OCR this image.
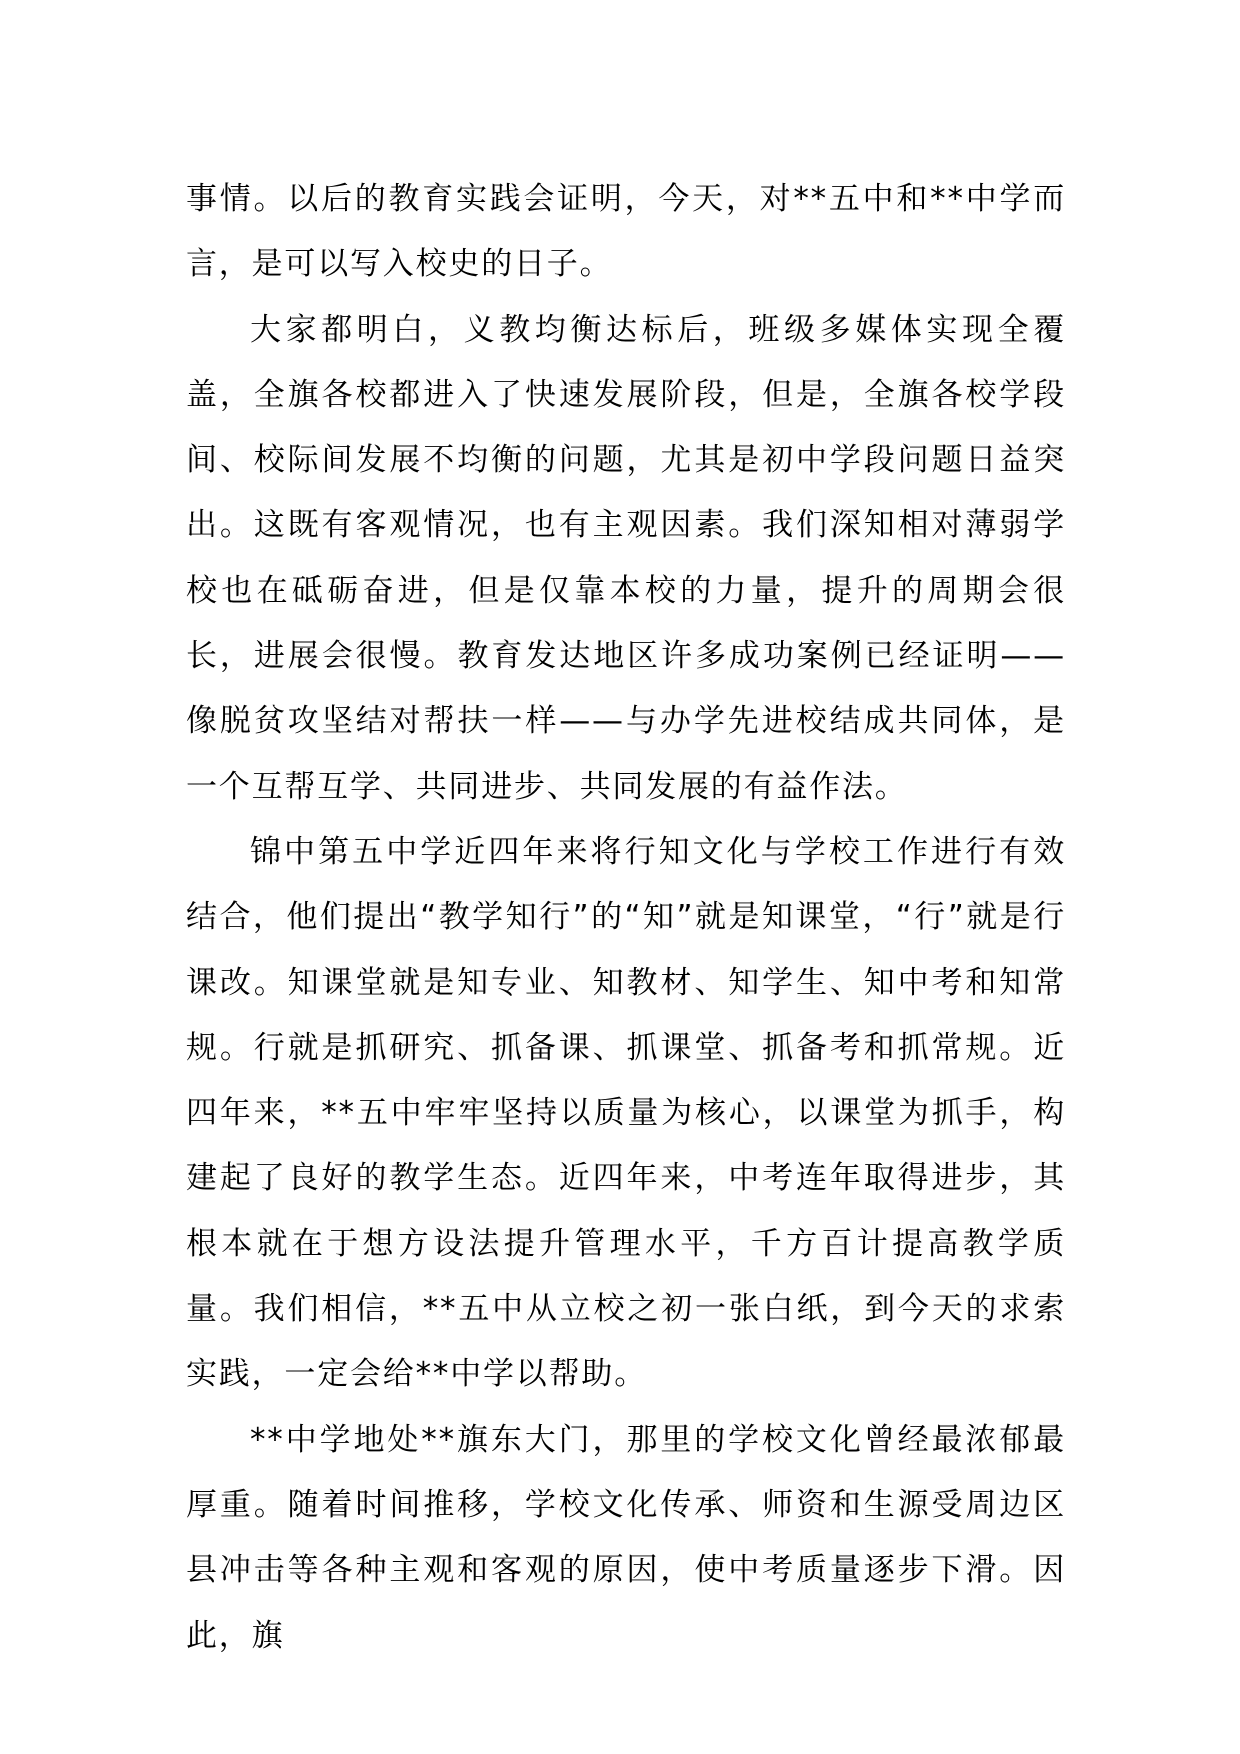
事情。以后的教育实践会证明，今天，对**五中和**中学而言，是可以写入校史的日子。

大家都明白，义教均衡达标后，班级多媒体实现全覆盖，全旗各校都进入了快速发展阶段，但是，全旗各校学段间、校际间发展不均衡的问题，尤其是初中学段问题日益突出。这既有客观情况，也有主观因素。我们深知相对薄弱学校也在砥砺奋进，但是仅靠本校的力量，提升的周期会很长，进展会很慢。教育发达地区许多成功案例已经证明——像脱贫攻坚结对帮扶一样——与办学先进校结成共同体，是一个互帮互学、共同进步、共同发展的有益作法。

锦中第五中学近四年来将行知文化与学校工作进行有效结合，他们提出“教学知行”的“知”就是知课堂，“行”就是行课改。知课堂就是知专业、知教材、知学生、知中考和知常规。行就是抓研究、抓备课、抓课堂、抓备考和抓常规。近四年来，**五中牢牢坚持以质量为核心，以课堂为抓手，构建起了良好的教学生态。近四年来，中考连年取得进步，其根本就在于想方设法提升管理水平，千方百计提高教学质量。我们相信，**五中从立校之初一张白纸，到今天的求索实践，一定会给**中学以帮助。

**中学地处**旗东大门，那里的学校文化曾经最浓郁最厚重。随着时间推移，学校文化传承、师资和生源受周边区县冲击等各种主观和客观的原因，使中考质量逐步下滑。因此，旗
